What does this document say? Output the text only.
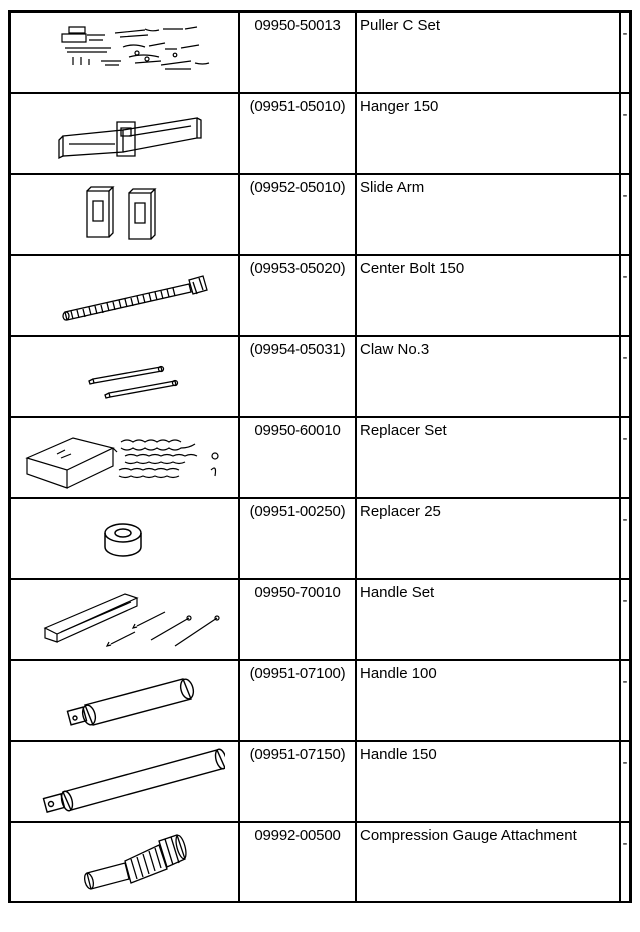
09950-50013	Puller C Set	-

(09951-05010)	Hanger 150	-

(09952-05010)	Slide Arm	-

(09953-05020)	Center Bolt 150	-

(09954-05031)	Claw No.3	-

09950-60010	Replacer Set	-

(09951-00250)	Replacer 25	-

09950-70010	Handle Set	-

(09951-07100)	Handle 100	-

(09951-07150)	Handle 150	-

09992-00500	Compression Gauge Attachment	-
